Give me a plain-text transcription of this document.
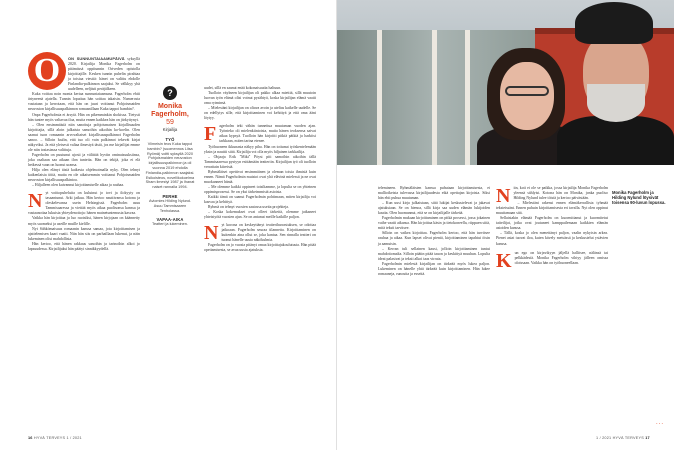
O	ON SUNNUNTAIAAMUPÄIVÄ syksyllä 2020. Kirjailija Monika Fagerholm on pitämässä oppitunnin Oriveden opistolla kirjoittajille. Kesken tunnin puhelin pirahtaa ja toistaa viestiä: hänet on valittu ehdolle Finlandia-palkinnon saajaksi. Se välkkyy yhä uudelleen, neljästi peräjälkeen.

Kuka voittaa noin monta kertaa sunnuntaiaamuna. Fagerholm ehtii ärtyneenä ajatella. Tunnin loputtua hän soittaa takaisin. Numerosta vastataan ja kerrotaan, että hän on juuri voittanut Pohjoismaiden neuvoston kirjallisuuspalkinnon romaanillaan Kuka tappoi bambin?.

Onpa Fagerholmia ei ärsytä. Hän on pikemminkin shokissa. Tietysti hän tuntee myös valtavaa iloa, mutta ennen kaikkea hän on järkyttynyt.

– Olen ensimmäisiä niin sanottuja pohjoismaisen kirjallisuuden kirjoittajia, sillä aloin julkaista samoihin aikoihin ko-koelin. Olen saanut tuon romaanin arvovaltaiset kirjallisuuspalkinnot Fagerholm sanoo. – Silloin luulin, että tuo oli vain palkinnot tekevät kirjat näkyviksi. Ja että yleisesti valtaa ilmestyä tästä, jos me kirjailijat emme ole niin tosiasiassa valittuja.

Fagerholm on puutunut ujosti ja välittää hyviin ominaisuuksiinsa, joka osaltaan saa aikaan ilon tunteita. Hän on tekijä, joka ei elä hetkessä vaan on luonut uransa.

Hilja olen elänyt tästä kaikesta ohjelmoimalla nyky. Olen tehnyt kaikenlaisia töitä, mutta en ole aikaisemmin voittanut Pohjoismaiden neuvoston kirjallisuuspalkintoa.

– Hiljalleen olen kaivannut kirjoittamiselle aikaa ja rauhaa.

Nyt voittopuheluita on kuluinut jo tovi ja ilokyyty on tasaantunut. Arki jatkuu. Hän kertoo nauttivansa kotona ja oleskelevansa usein Helsingissä. Fagerholm asuu Tammisaaressa ja viettää myös aikaa puolisonsa kanssa ja vastaanottaa lukuisia yhteydenottoja: hänen mainetuntemusta kasvaa.

Vaikka hän kirjoittaa ja luo ruotsiksi, hänen kirjojaan on käännetty myös suomeksi ja useille muille kielille.

Nyt Sähkömaisuus romaanin kanssa samaa, jota kirjoittamisen ja ajattelemisen kaari vaatii. Niin hän siis on parhaillaan lukenut, ja näin lukeminen olisi mahdollista.

Hän kertoo, että hänen rakkaus sanoihin ja tarinoihin alkoi jo lapsuudessa. Kirjailijaksi hän päätyi sinnikkyydellä.

?
Monika Fagerholm,
59
Kirjailija
TYÖ
Viimeisin teos Kuka tappoi bambin? (suomennos Liisa Ryömä) voitti syksyllä 2020 Pohjoismaiden neuvoston kirjallisuuspalkinnon ja oli vuonna 2019 ehdolla Finlandia-palkinnon saajaksi. Esikoisteos, novellikokoelma Sham ilmestyi 1987 ja Ihanat naiset rannalla 1994.
PERHE
Aviomies Hilding Nylund. Asuu Tammisaaren Tenholassa.
VAPAA-AIKA
Teatteri ja lukeminen.

uudet, sillä en saanut enää kokonaisuutta haltuun.

Tuolloin väylneen kirjailijan oli pakko alkaa miettiä, sillä muutoin luovan työn elämä olisi voinut pysähtyä, koska kirjailijan elämä vaatii oma rytminsä.

– Mielestäni kirjailijan on oltava avoin ja utelias kaikelle uudelle. Se on edellytys sille, että kirjoittaminen voi kehittyä ja että oma ääni löytyy.

Fagerholm teki vähän tunnettua muutaman vuoden ajan. Työnteko oli mielenkiintoista, mutta hänen teoksensa saivat aikaa kypsyä. Tuolloin hän kirjoitti pitkiä pätkiä ja harkitsi tarkkaan, miten tarina etenee.

Työhuoneen ikkunasta näkyy piha. Hän on tottunut työskentelemään yksin ja nauttii siitä. Kirjailija voi olla myös hiljainen tarkkailija.

– Ohjaaja Erik "Miki" Pöyst piti samoihin aikoihin tällä Tammisaaressa pystyyn esittämään teatteriin. Kirjailijan työ oli tuolloin verrattain kiireistä.

Ryhmäläiset opettivat ensimmäinen ja oleman toisia ihmisiä kuin ennen. Nämä Fagerholmin muistot ovat yhä elävinä mielessä ja ne ovat muokanneet häntä.

– Me olemme kaikki oppineet toisiltamme, ja lopulta se on yhteinen oppimisprosessi. Se on yksi tärkeimmistä asioista.

Kaikki tämä on saanut Fagerholmin pohtimaan, miten kirjailija voi kasvaa ja kehittyä.

Ryhmä on tehnyt vuosien saatossa useita projekteja.

– Koska kokemukset ovat olleet tärkeitä, olemme jatkaneet yhteistyötä vuosien ajan. Se on antanut meille kaikille paljon.

Nyt korona on keskeyttänyt teatteriharrastuksen, se odottaa jatkoaan. Fagerholm seuraa tilannetta. Kirjoittaminen on kuitenkin aina ollut se, joka kantaa. Sen rinnalla teatteri on tuonut hänelle uusia näkökulmia.

Fagerholm on jo vuosia pitänyt omaa kirjoittajakoulutusta. Hän pitää opettamisesta, se avaa uusia ajatuksia.

telemineen. Ryhmäläisten kanssa puhutaan kirjoittamisesta, ei mallioikeista tulevassa kirjailijuudesta eikä opettajan kirjoista. Siksi hän ehti puhua muutaman.

– Kun uusi kirja julkaistaan, siitä lukijat keskustelevat ja jakavat ajatuksiaan. Se on hienoa, sillä kirja saa uuden elämän lukijoiden kautta. Olen huomannut, että se on kirjailijalle tärkeää.

Fagerholmin mukaan kirjoittaminen on pitkä prosessi, jossa jokainen vaihe vaatii aikansa. Hän kirjoittaa käsin ja tietokoneella, riippuen siitä, mitä teksti tarvitsee.

Silloin on vaikea kirjoittaa. Fagerholm kertoo, että hän tarvitsee rauhaa ja aikaa. Kun lapset olivat pieniä, kirjoittaminen tapahtui öisin ja aamuisin.

– Kerran tuli sellainen kausi, jolloin kirjoittaminen tuntui mahdottomalta. Silloin päätin pitää tauon ja keskittyä muuhun. Lopulta ideat palasivat ja teksti alkoi taas virrata.

Fagerholmin mielestä kirjailijan on tärkeää myös lukea paljon. Lukeminen on hänelle yhtä tärkeää kuin kirjoittaminen. Hän lukee romaaneja, runoutta ja esseitä.

Niin, koti ei ole se paikka, jossa kirjailija Monika Fagerholm yleensä sählyisi. Kotona hän on Monika, jonka puoliso Hilding Nylund tulee töistä ja kertoo päivästään.

– Mielestäni rakensi ennen elämäkerrallista tyhmää teksteissäni. Ennen puhuin kirjoittamisesta eri tavalla. Nyt olen oppinut muuttamaan sitä.

Sellaistakin elämää Fagerholm on kuormittanut ja kuormitetut taiteilijat, jotka ovat joutuneet kamppailemaan kaikkien elämän asioiden kanssa.

– Tällä, koska jo olen menettänyt paljon, vaalin nykyisin arkea. Pienet asiat tuovat iloa, kuten kävely metsässä ja keskustelut ystävien kanssa.

Kun ego on kirjavikyyn jäljellä hallitsee, nälänsä tai pelkkädesiä. Monika Fagerholm vihtyy jälleen omissa oloissaan. Vaikka hän on työhuoneellaan.

Monika Fagerholm ja Hilding Nylund löysivät toisensa 90-luvun lopussa.
...
16 HYVÄ TERVEYS 1 / 2021	1 / 2021 HYVÄ TERVEYS 17
